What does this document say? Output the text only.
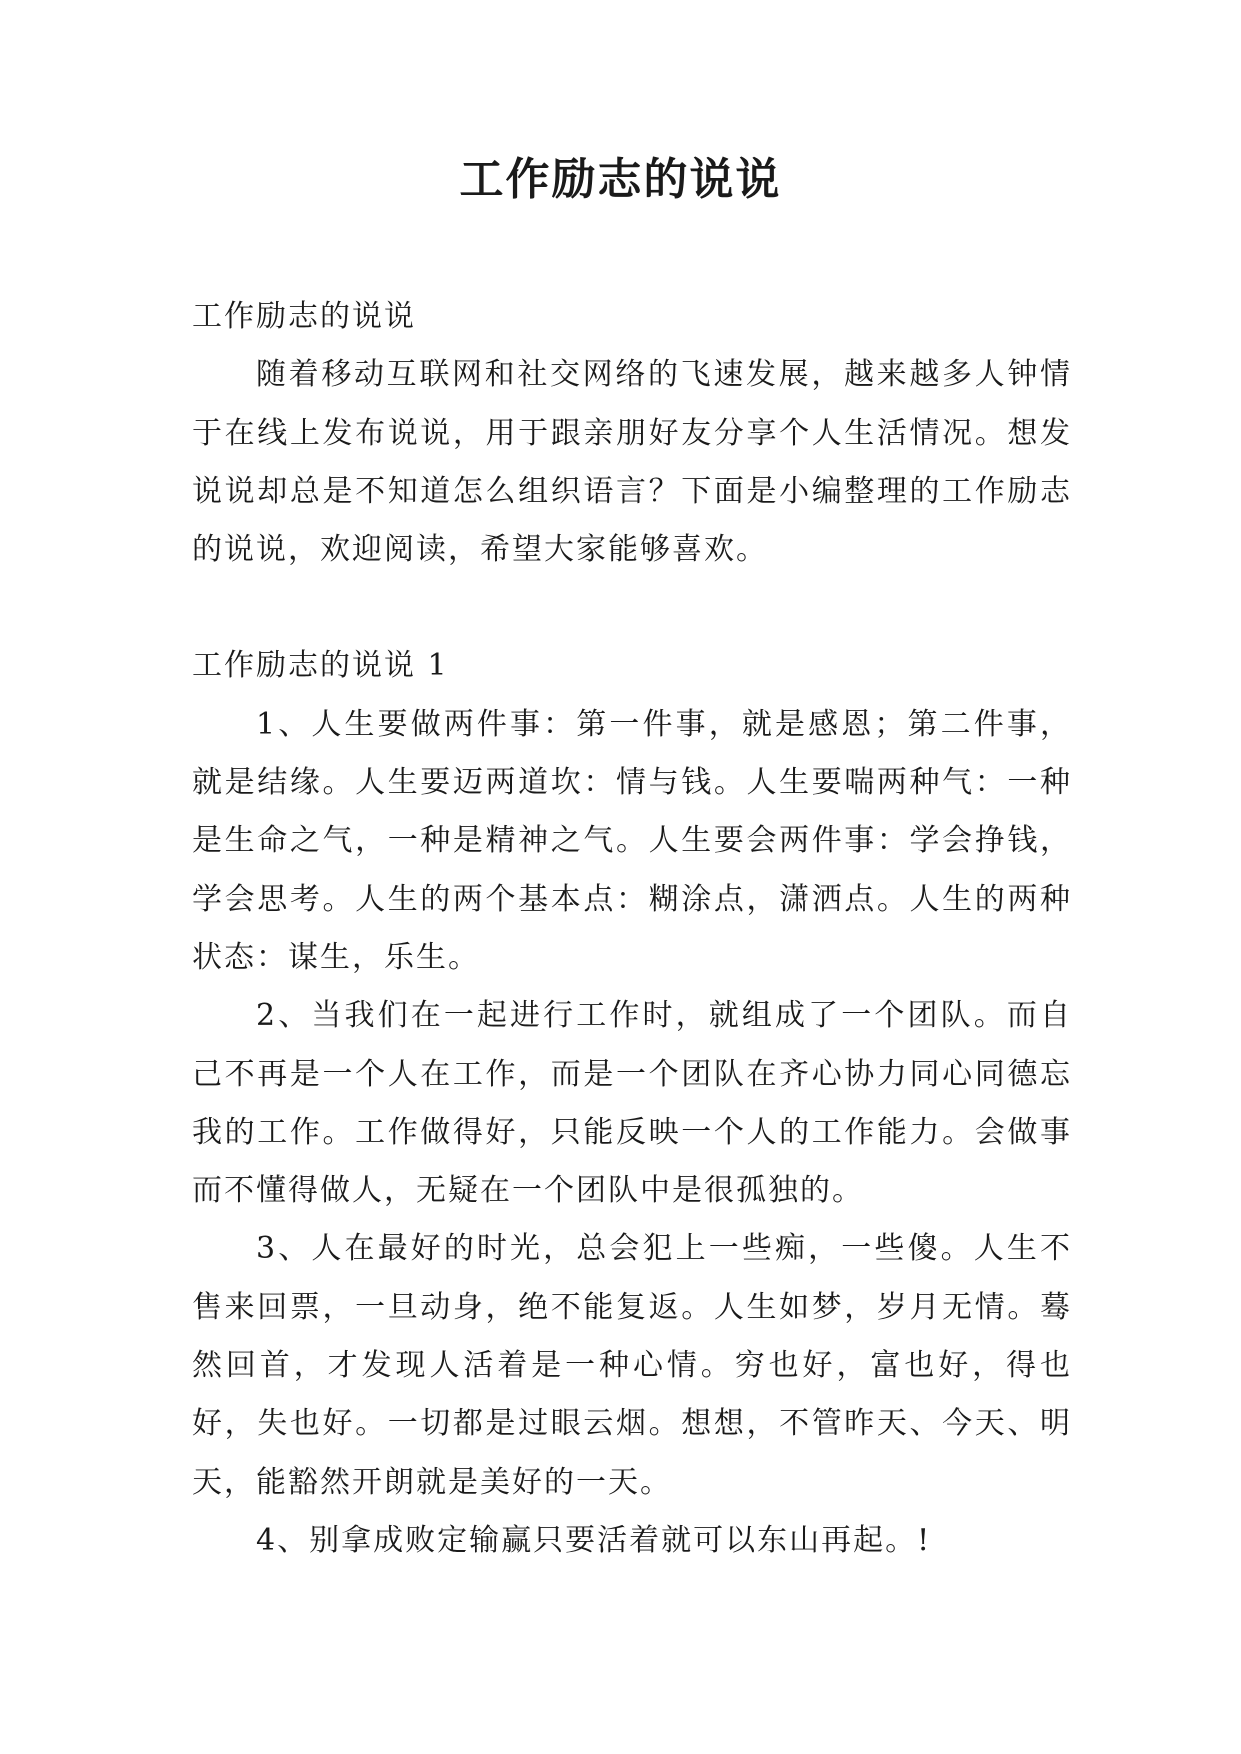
工作励志的说说

工作励志的说说

随着移动互联网和社交网络的飞速发展，越来越多人钟情于在线上发布说说，用于跟亲朋好友分享个人生活情况。想发说说却总是不知道怎么组织语言？下面是小编整理的工作励志的说说，欢迎阅读，希望大家能够喜欢。

工作励志的说说 1

1、人生要做两件事：第一件事，就是感恩；第二件事，就是结缘。人生要迈两道坎：情与钱。人生要喘两种气：一种是生命之气，一种是精神之气。人生要会两件事：学会挣钱，学会思考。人生的两个基本点：糊涂点，潇洒点。人生的两种状态：谋生，乐生。

2、当我们在一起进行工作时，就组成了一个团队。而自己不再是一个人在工作，而是一个团队在齐心协力同心同德忘我的工作。工作做得好，只能反映一个人的工作能力。会做事而不懂得做人，无疑在一个团队中是很孤独的。

3、人在最好的时光，总会犯上一些痴，一些傻。人生不售来回票，一旦动身，绝不能复返。人生如梦，岁月无情。蓦然回首，才发现人活着是一种心情。穷也好，富也好，得也好，失也好。一切都是过眼云烟。想想，不管昨天、今天、明天，能豁然开朗就是美好的一天。

4、别拿成败定输赢只要活着就可以东山再起。!
